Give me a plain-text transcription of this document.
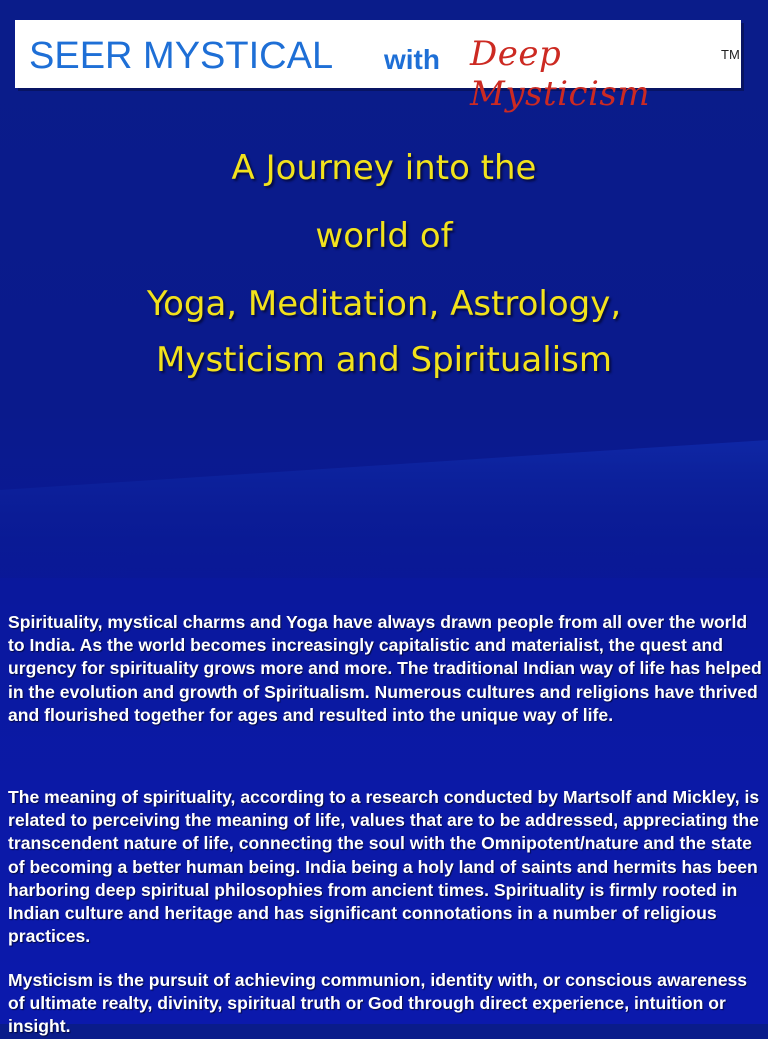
SEER MYSTICAL with Deep Mysticism
TM
A Journey into the
world of
Yoga, Meditation, Astrology,
Mysticism and Spiritualism

Spirituality, mystical charms and Yoga have always drawn people from all over the world to India. As the world becomes increasingly capitalistic and materialist, the quest and urgency for spirituality grows more and more. The traditional Indian way of life has helped in the evolution and growth of Spiritualism. Numerous cultures and religions have thrived and flourished together for ages and resulted into the unique way of life.

The meaning of spirituality, according to a research conducted by Martsolf and Mickley, is related to perceiving the meaning of life, values that are to be addressed, appreciating the transcendent nature of life, connecting the soul with the Omnipotent/nature and the state of becoming a better human being. India being a holy land of saints and hermits has been harboring deep spiritual philosophies from ancient times. Spirituality is firmly rooted in Indian culture and heritage and has significant connotations in a number of religious practices.

Mysticism is the pursuit of achieving communion, identity with, or conscious awareness of ultimate realty, divinity, spiritual truth or God through direct experience, intuition or insight.
